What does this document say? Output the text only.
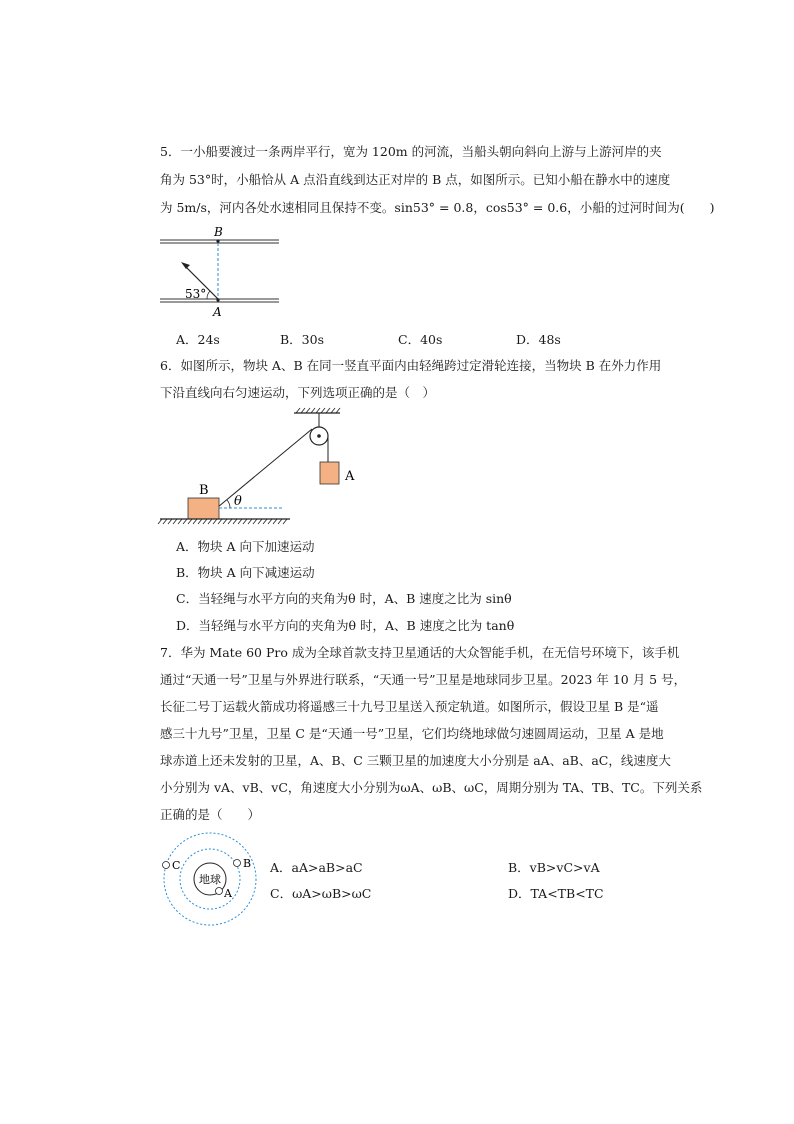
5．一小船要渡过一条两岸平行，宽为 120m 的河流，当船头朝向斜向上游与上游河岸的夹
角为 53°时，小船恰从 A 点沿直线到达正对岸的 B 点，如图所示。已知小船在静水中的速度
为 5m/s，河内各处水速相同且保持不变。sin53° = 0.8，cos53° = 0.6，小船的过河时间为(　　)
B
A
53°
A．24s	B．30s	C．40s	D．48s
6．如图所示，物块 A、B 在同一竖直平面内由轻绳跨过定滑轮连接，当物块 B 在外力作用
下沿直线向右匀速运动，下列选项正确的是（　）
A
B
θ
A．物块 A 向下加速运动
B．物块 A 向下减速运动
C．当轻绳与水平方向的夹角为θ 时，A、B 速度之比为 sinθ
D．当轻绳与水平方向的夹角为θ 时，A、B 速度之比为 tanθ
7．华为 Mate 60 Pro 成为全球首款支持卫星通话的大众智能手机，在无信号环境下，该手机
通过“天通一号”卫星与外界进行联系，“天通一号”卫星是地球同步卫星。2023 年 10 月 5 号，
长征二号丁运载火箭成功将遥感三十九号卫星送入预定轨道。如图所示，假设卫星 B 是“遥
感三十九号”卫星，卫星 C 是“天通一号”卫星，它们均绕地球做匀速圆周运动，卫星 A 是地
球赤道上还未发射的卫星，A、B、C 三颗卫星的加速度大小分别是 aA、aB、aC，线速度大
小分别为 vA、vB、vC，角速度大小分别为ωA、ωB、ωC，周期分别为 TA、TB、TC。下列关系
正确的是（　　）
地球
A
B
C	A．aA>aB>aC	B．vB>vC>vA
C．ωA>ωB>ωC	D．TA<TB<TC
